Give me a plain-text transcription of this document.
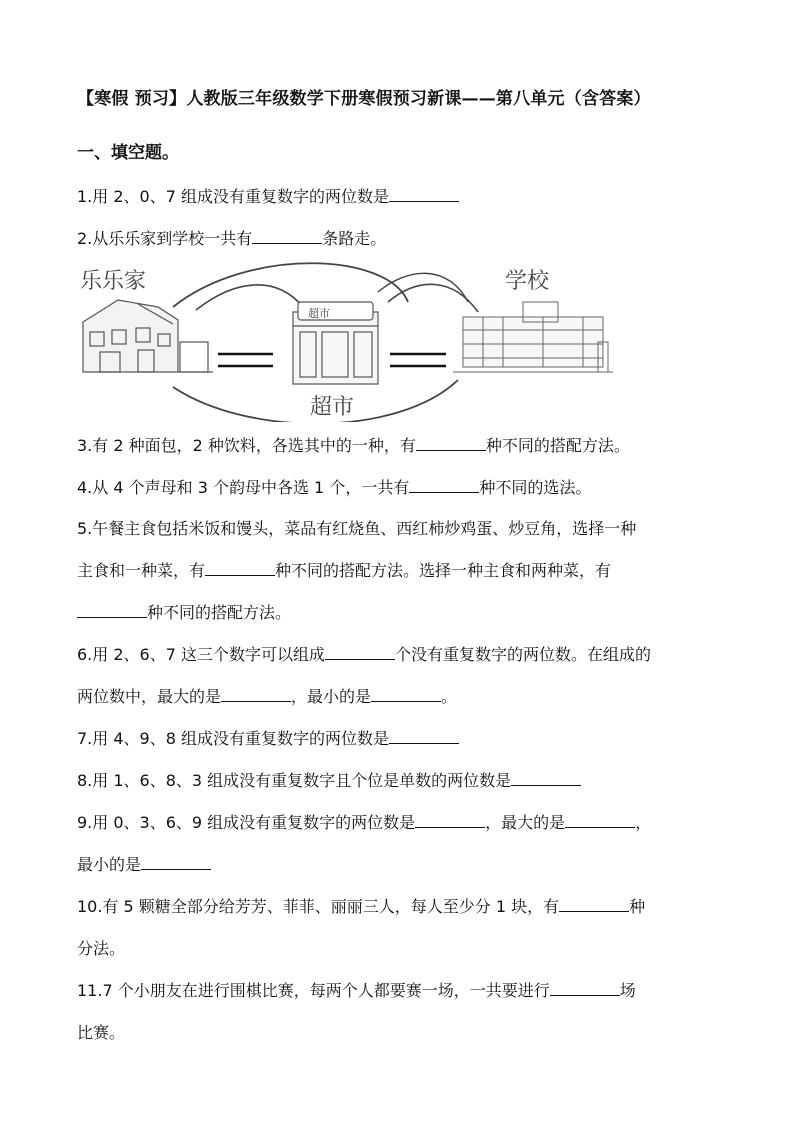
【寒假 预习】人教版三年级数学下册寒假预习新课——第八单元（含答案）
一、填空题。
1.用 2、0、7 组成没有重复数字的两位数是
2.从乐乐家到学校一共有	条路走。
乐乐家	学校
超市
超市
3.有 2 种面包，2 种饮料，各选其中的一种，有	种不同的搭配方法。
4.从 4 个声母和 3 个韵母中各选 1 个，一共有	种不同的选法。
5.午餐主食包括米饭和馒头，菜品有红烧鱼、西红柿炒鸡蛋、炒豆角，选择一种
主食和一种菜，有	种不同的搭配方法。选择一种主食和两种菜，有
种不同的搭配方法。
6.用 2、6、7 这三个数字可以组成	个没有重复数字的两位数。在组成的
两位数中，最大的是	，最小的是	。
7.用 4、9、8 组成没有重复数字的两位数是
8.用 1、6、8、3 组成没有重复数字且个位是单数的两位数是
9.用 0、3、6、9 组成没有重复数字的两位数是	，最大的是	，
最小的是
10.有 5 颗糖全部分给芳芳、菲菲、丽丽三人，每人至少分 1 块，有	种
分法。
11.7 个小朋友在进行围棋比赛，每两个人都要赛一场，一共要进行	场
比赛。
